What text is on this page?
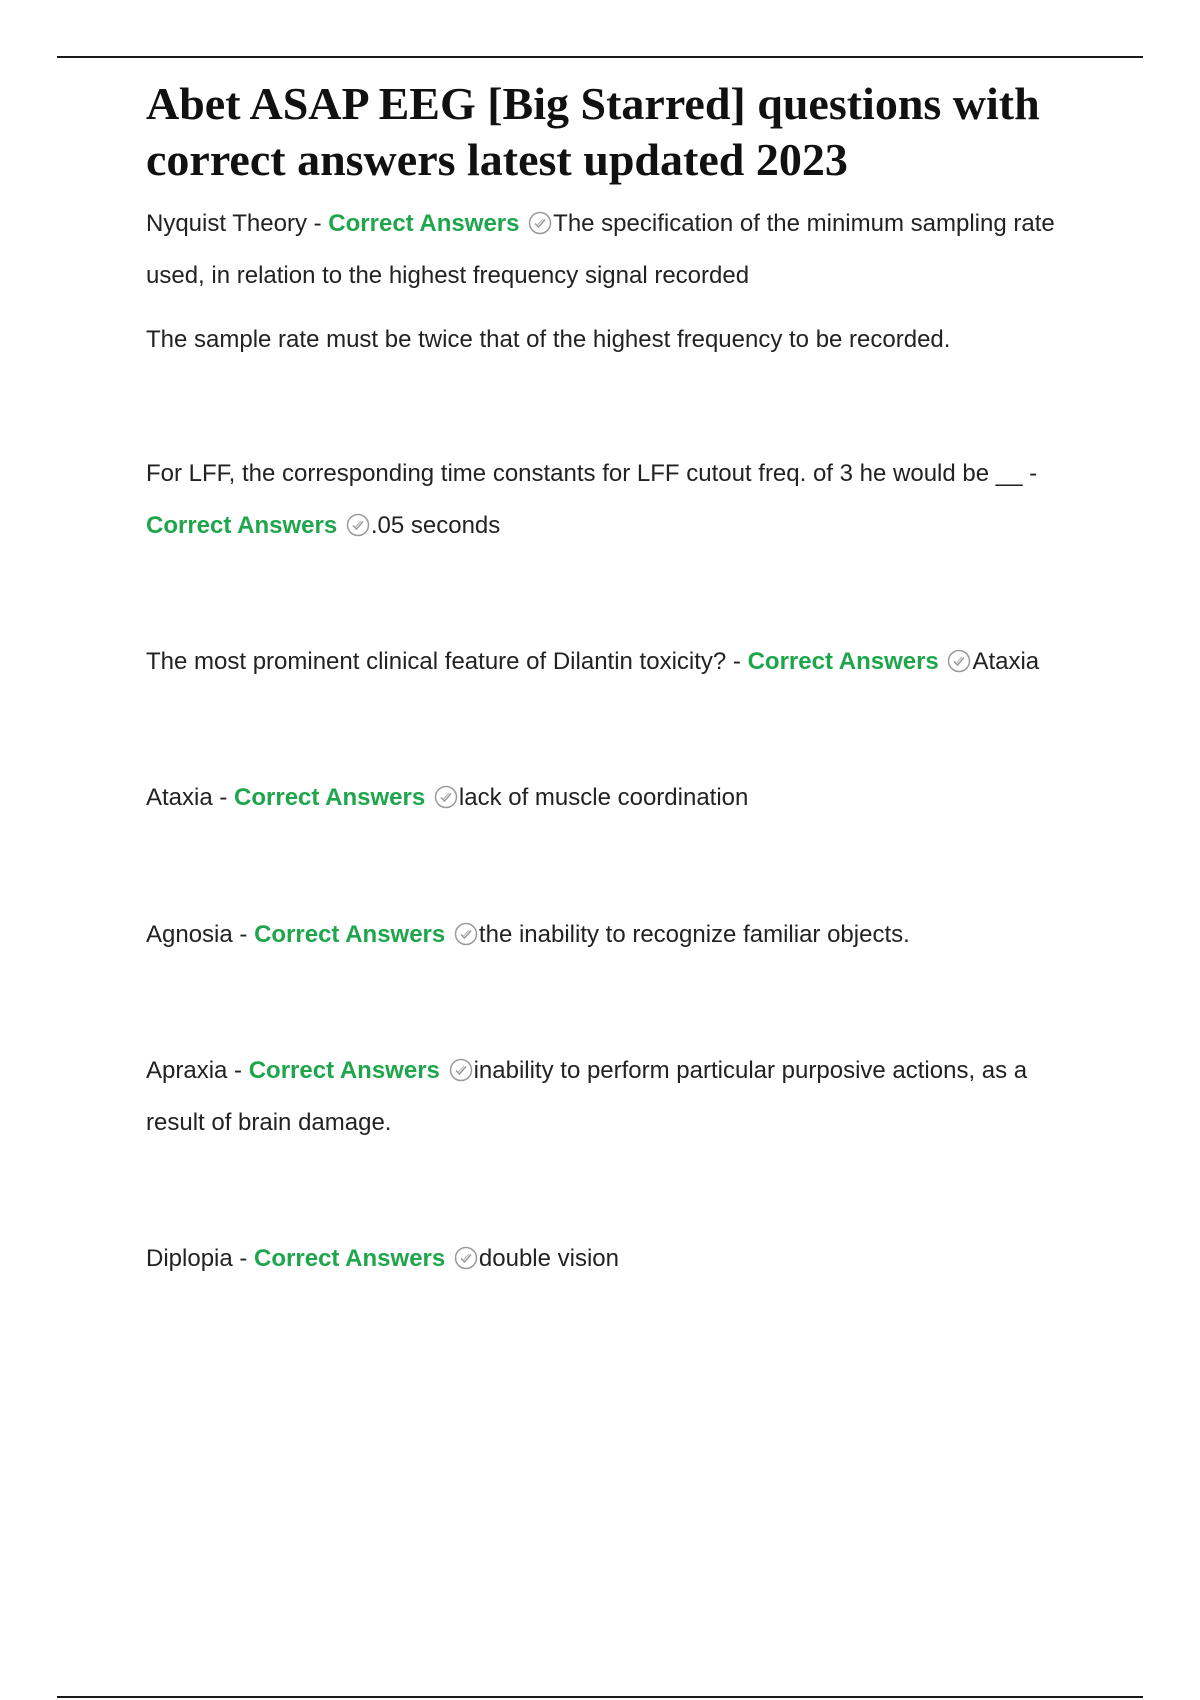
Abet ASAP EEG [Big Starred] questions with correct answers latest updated 2023

Nyquist Theory - Correct Answers The specification of the minimum sampling rate used, in relation to the highest frequency signal recorded

The sample rate must be twice that of the highest frequency to be recorded.

For LFF, the corresponding time constants for LFF cutout freq. of 3 he would be __ - Correct Answers .05 seconds

The most prominent clinical feature of Dilantin toxicity? - Correct Answers Ataxia

Ataxia - Correct Answers lack of muscle coordination

Agnosia - Correct Answers the inability to recognize familiar objects.

Apraxia - Correct Answers inability to perform particular purposive actions, as a result of brain damage.

Diplopia - Correct Answers double vision
